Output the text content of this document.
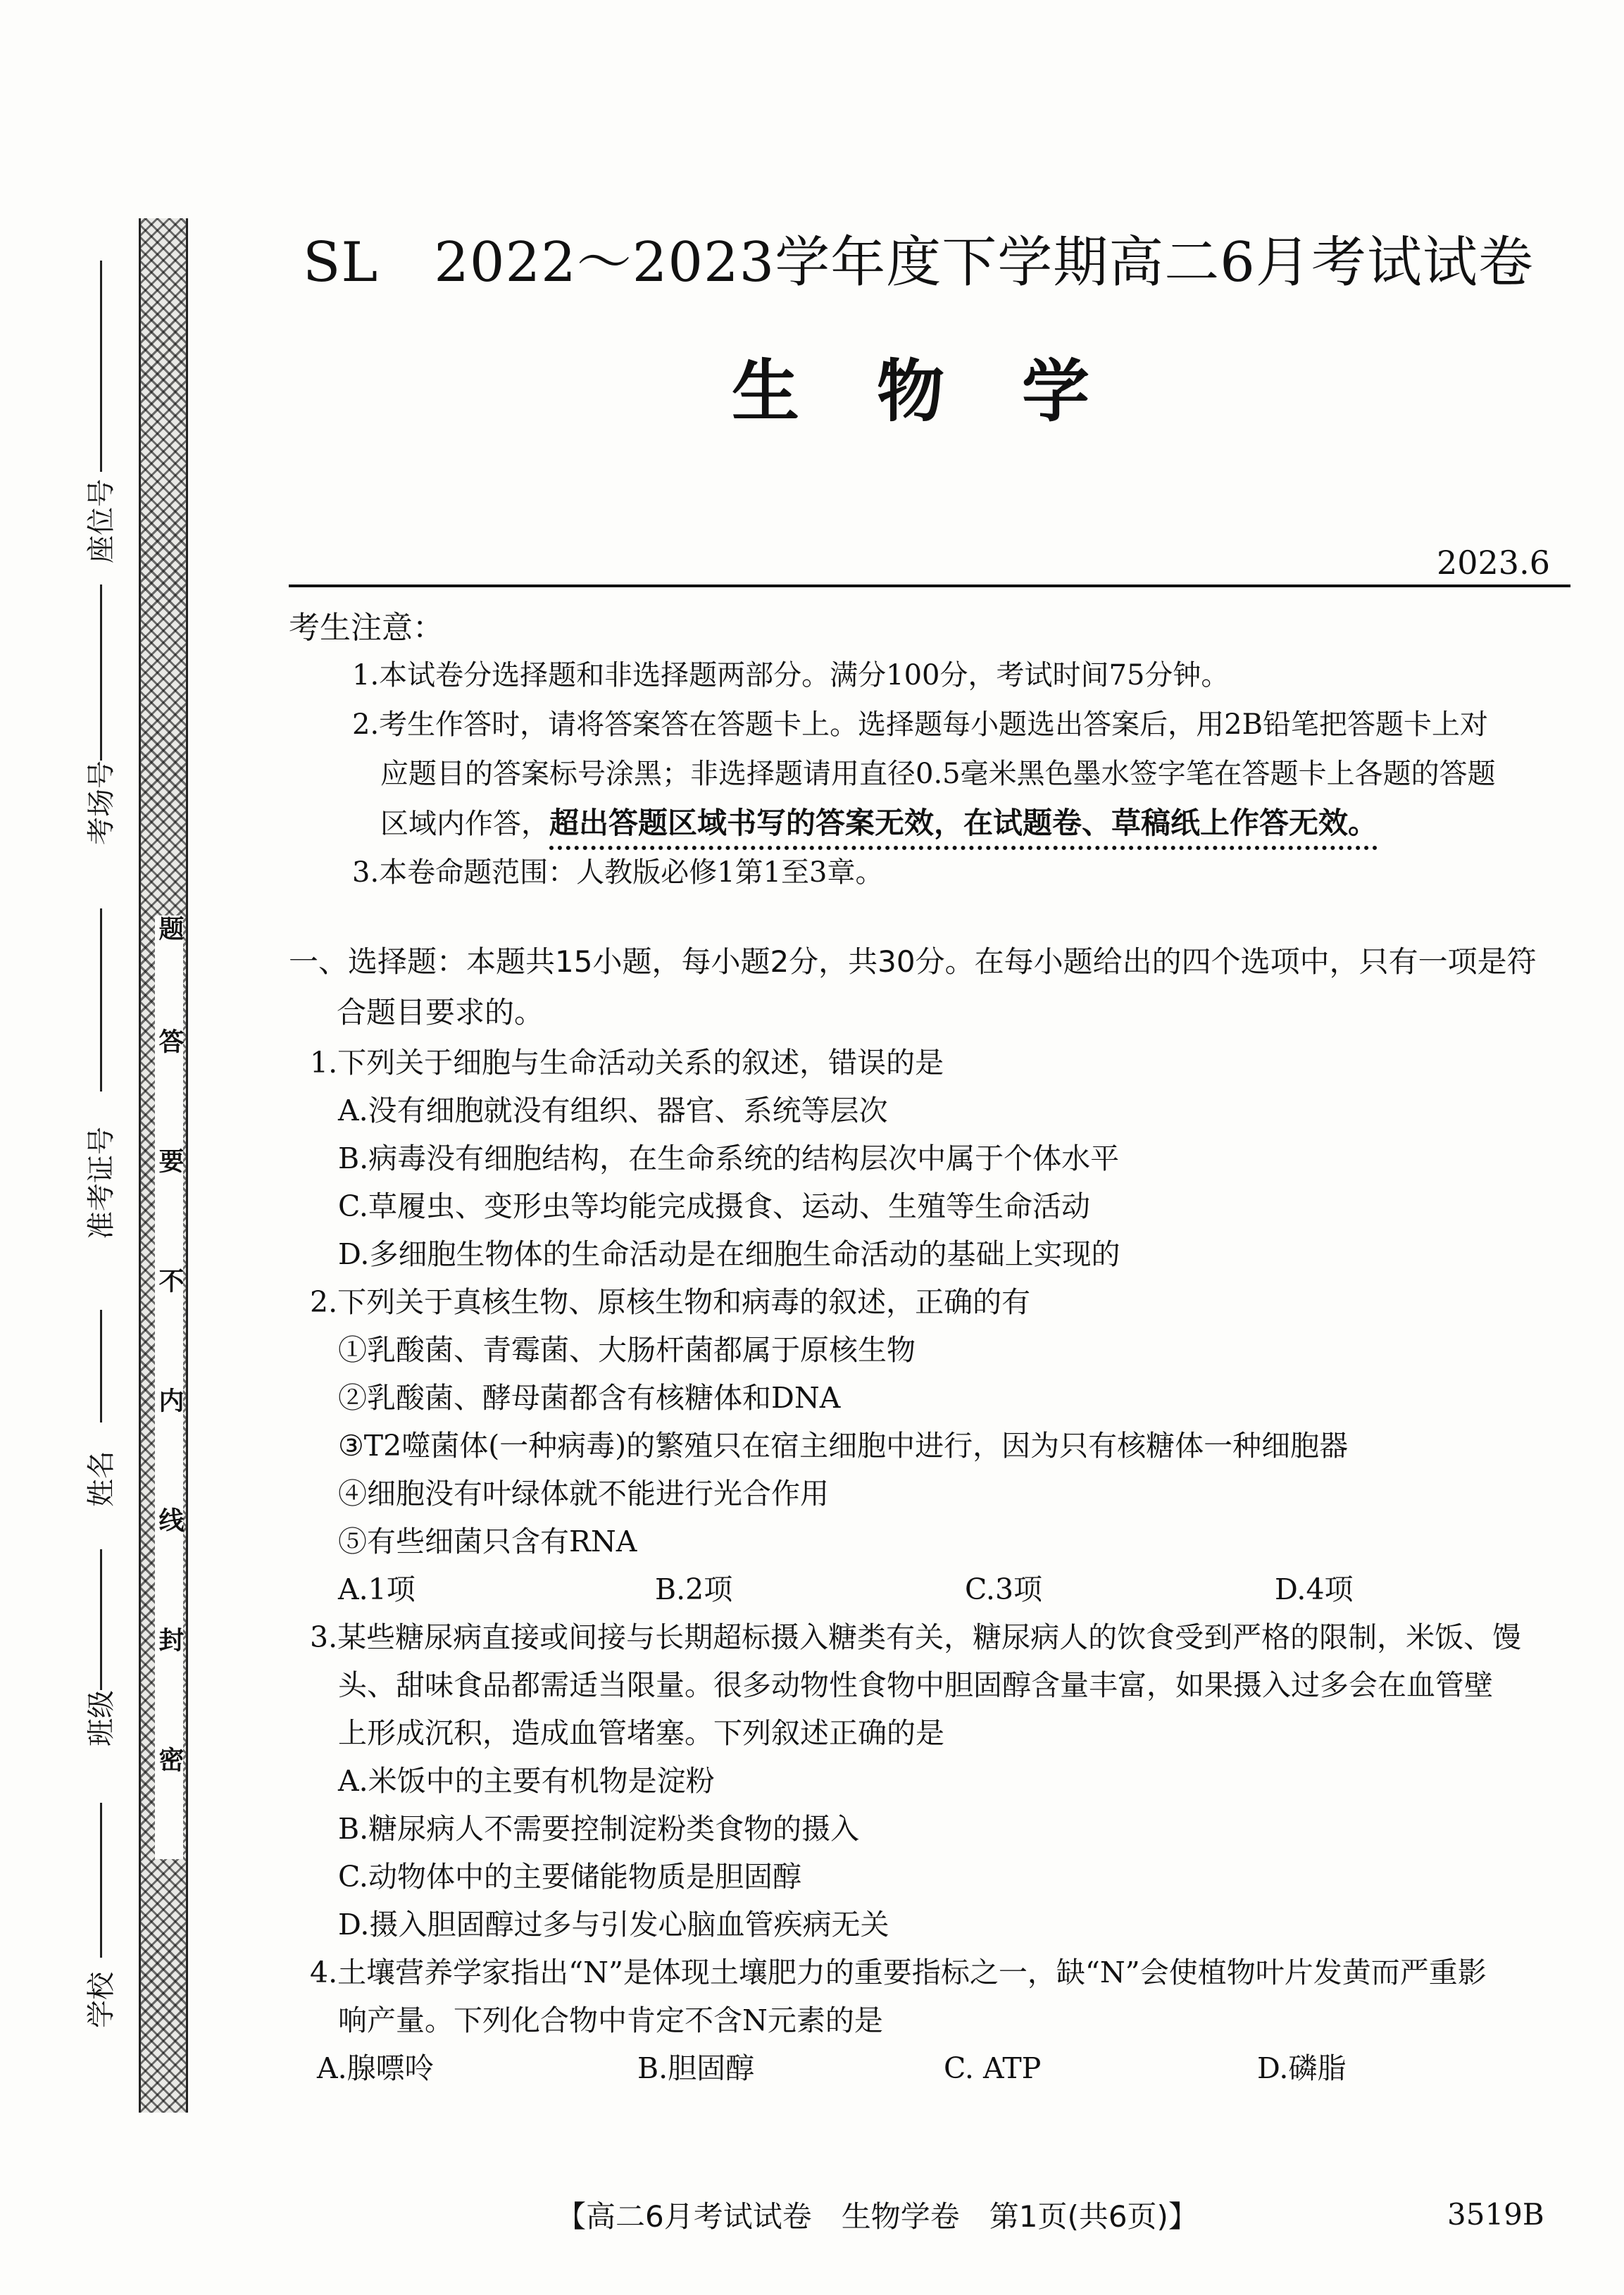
题
答
要
不
内
线
封
密
座位号
考场号
准考证号
姓名
班级
学校
SL　2022～2023学年度下学期高二6月考试试卷
生物学
2023.6
考生注意：
1.本试卷分选择题和非选择题两部分。满分100分，考试时间75分钟。
2.考生作答时，请将答案答在答题卡上。选择题每小题选出答案后，用2B铅笔把答题卡上对
应题目的答案标号涂黑；非选择题请用直径0.5毫米黑色墨水签字笔在答题卡上各题的答题
区域内作答，超出答题区域书写的答案无效，在试题卷、草稿纸上作答无效。
3.本卷命题范围：人教版必修1第1至3章。
一、选择题：本题共15小题，每小题2分，共30分。在每小题给出的四个选项中，只有一项是符
合题目要求的。
1.下列关于细胞与生命活动关系的叙述，错误的是
A.没有细胞就没有组织、器官、系统等层次
B.病毒没有细胞结构，在生命系统的结构层次中属于个体水平
C.草履虫、变形虫等均能完成摄食、运动、生殖等生命活动
D.多细胞生物体的生命活动是在细胞生命活动的基础上实现的
2.下列关于真核生物、原核生物和病毒的叙述，正确的有
①乳酸菌、青霉菌、大肠杆菌都属于原核生物
②乳酸菌、酵母菌都含有核糖体和DNA
③T2噬菌体(一种病毒)的繁殖只在宿主细胞中进行，因为只有核糖体一种细胞器
④细胞没有叶绿体就不能进行光合作用
⑤有些细菌只含有RNA
A.1项	B.2项	C.3项	D.4项
3.某些糖尿病直接或间接与长期超标摄入糖类有关，糖尿病人的饮食受到严格的限制，米饭、馒
头、甜味食品都需适当限量。很多动物性食物中胆固醇含量丰富，如果摄入过多会在血管壁
上形成沉积，造成血管堵塞。下列叙述正确的是
A.米饭中的主要有机物是淀粉
B.糖尿病人不需要控制淀粉类食物的摄入
C.动物体中的主要储能物质是胆固醇
D.摄入胆固醇过多与引发心脑血管疾病无关
4.土壤营养学家指出“N”是体现土壤肥力的重要指标之一，缺“N”会使植物叶片发黄而严重影
响产量。下列化合物中肯定不含N元素的是
A.腺嘌呤	B.胆固醇	C. ATP	D.磷脂
【高二6月考试试卷　生物学卷　第1页(共6页)】	3519B
